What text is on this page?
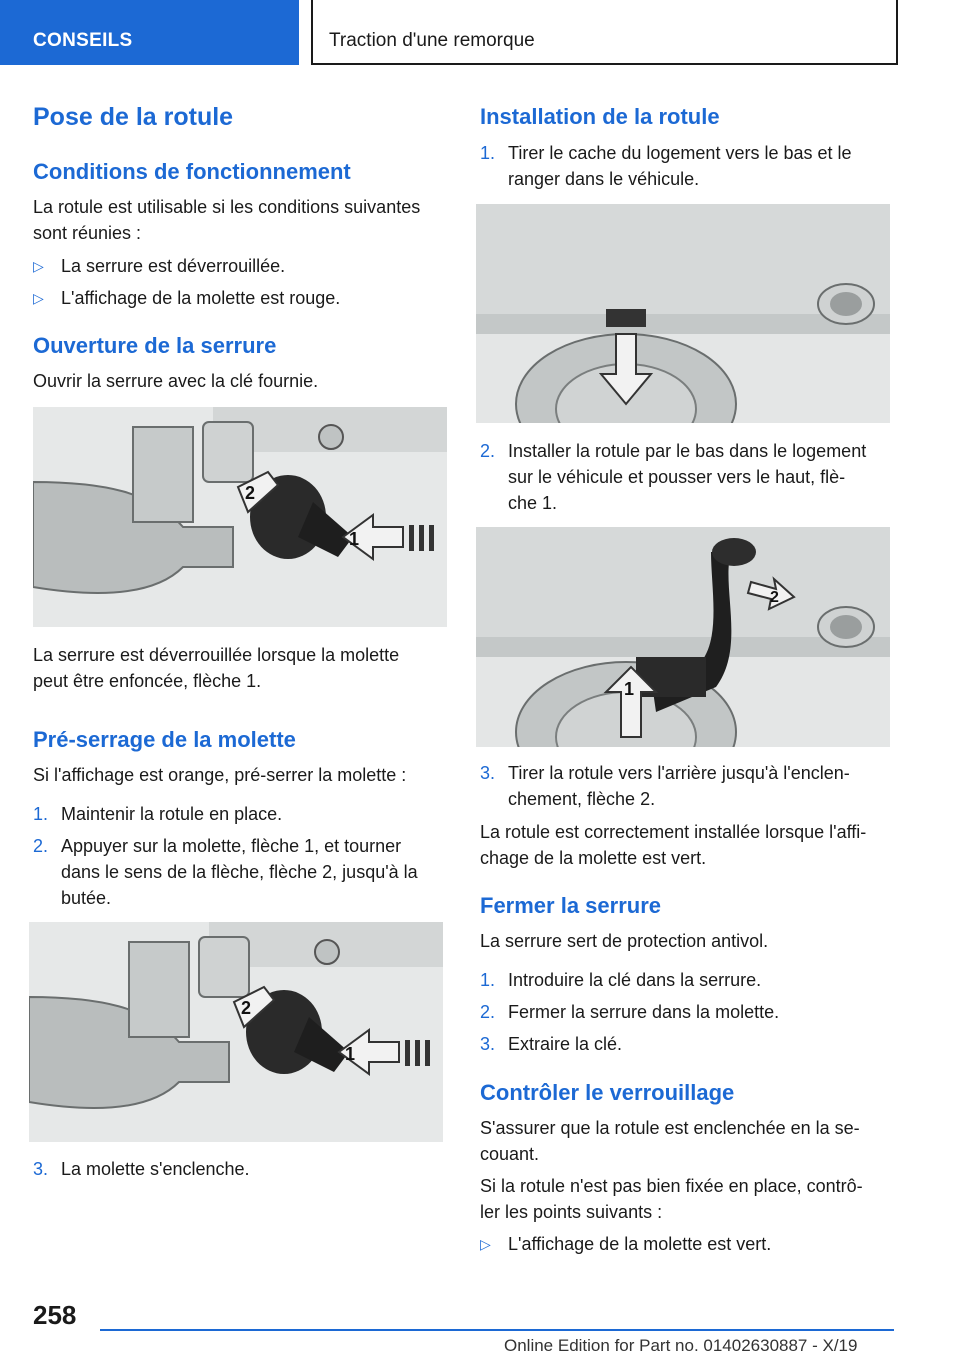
CONSEILS	Traction d'une remorque
Pose de la rotule
Conditions de fonctionnement
La rotule est utilisable si les conditions suivantes
sont réunies :
▷ La serrure est déverrouillée.
▷ L'affichage de la molette est rouge.
Ouverture de la serrure
Ouvrir la serrure avec la clé fournie.
2
1
La serrure est déverrouillée lorsque la molette
peut être enfoncée, flèche 1.
Pré‑serrage de la molette
Si l'affichage est orange, pré‑serrer la molette :
1. Maintenir la rotule en place.
2. Appuyer sur la molette, flèche 1, et tourner
dans le sens de la flèche, flèche 2, jusqu'à la
butée.
2
1
3. La molette s'enclenche.
Installation de la rotule
1. Tirer le cache du logement vers le bas et le
ranger dans le véhicule.
2. Installer la rotule par le bas dans le logement
sur le véhicule et pousser vers le haut, flè‑
che 1.
2
1
3. Tirer la rotule vers l'arrière jusqu'à l'enclen‑
chement, flèche 2.
La rotule est correctement installée lorsque l'affi‑
chage de la molette est vert.
Fermer la serrure
La serrure sert de protection antivol.
1. Introduire la clé dans la serrure.
2. Fermer la serrure dans la molette.
3. Extraire la clé.
Contrôler le verrouillage
S'assurer que la rotule est enclenchée en la se‑
couant.
Si la rotule n'est pas bien fixée en place, contrô‑
ler les points suivants :
▷ L'affichage de la molette est vert.
258
Online Edition for Part no. 01402630887 - X/19
